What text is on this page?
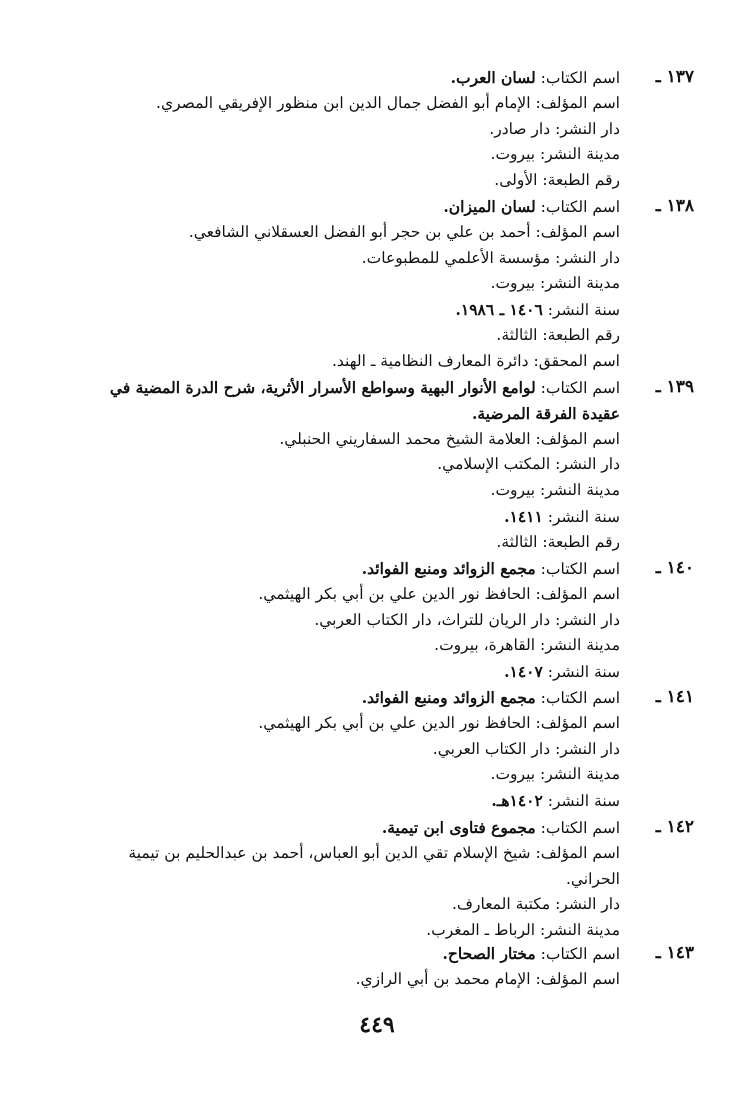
١٣٧ ـ
اسم الكتاب: لسان العرب.
اسم المؤلف: الإمام أبو الفضل جمال الدين ابن منظور الإفريقي المصري.
دار النشر: دار صادر.
مدينة النشر: بيروت.
رقم الطبعة: الأولى.
١٣٨ ـ
اسم الكتاب: لسان الميزان.
اسم المؤلف: أحمد بن علي بن حجر أبو الفضل العسقلاني الشافعي.
دار النشر: مؤسسة الأعلمي للمطبوعات.
مدينة النشر: بيروت.
سنة النشر: ١٤٠٦ ـ ١٩٨٦.
رقم الطبعة: الثالثة.
اسم المحقق: دائرة المعارف النظامية ـ الهند.
١٣٩ ـ
اسم الكتاب: لوامع الأنوار البهية وسواطع الأسرار الأثرية، شرح الدرة المضية في
عقيدة الفرقة المرضية.
اسم المؤلف: العلامة الشيخ محمد السفاريني الحنبلي.
دار النشر: المكتب الإسلامي.
مدينة النشر: بيروت.
سنة النشر: ١٤١١.
رقم الطبعة: الثالثة.
١٤٠ ـ
اسم الكتاب: مجمع الزوائد ومنبع الفوائد.
اسم المؤلف: الحافظ نور الدين علي بن أبي بكر الهيثمي.
دار النشر: دار الريان للتراث، دار الكتاب العربي.
مدينة النشر: القاهرة، بيروت.
سنة النشر: ١٤٠٧.
١٤١ ـ
اسم الكتاب: مجمع الزوائد ومنبع الفوائد.
اسم المؤلف: الحافظ نور الدين علي بن أبي بكر الهيثمي.
دار النشر: دار الكتاب العربي.
مدينة النشر: بيروت.
سنة النشر: ١٤٠٢هـ.
١٤٢ ـ
اسم الكتاب: مجموع فتاوى ابن تيمية.
اسم المؤلف: شيخ الإسلام تقي الدين أبو العباس، أحمد بن عبدالحليم بن تيمية
الحراني.
دار النشر: مكتبة المعارف.
مدينة النشر: الرباط ـ المغرب.
١٤٣ ـ
اسم الكتاب: مختار الصحاح.
اسم المؤلف: الإمام محمد بن أبي الرازي.
٤٤٩
